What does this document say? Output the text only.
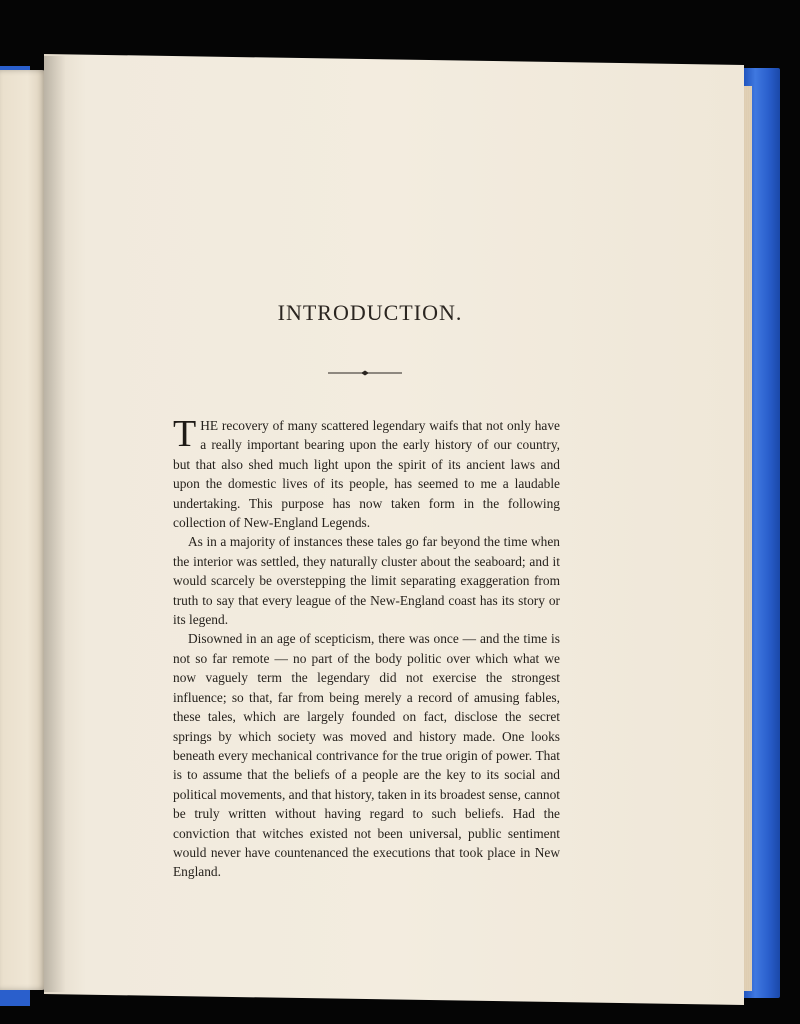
INTRODUCTION.

THE recovery of many scattered legendary waifs that not only have a really important bearing upon the early history of our country, but that also shed much light upon the spirit of its ancient laws and upon the domestic lives of its people, has seemed to me a laudable undertaking. This purpose has now taken form in the following collection of New-England Legends.

As in a majority of instances these tales go far beyond the time when the interior was settled, they naturally cluster about the seaboard; and it would scarcely be overstepping the limit separating exaggeration from truth to say that every league of the New-England coast has its story or its legend.

Disowned in an age of scepticism, there was once — and the time is not so far remote — no part of the body politic over which what we now vaguely term the legendary did not exercise the strongest influence; so that, far from being merely a record of amusing fables, these tales, which are largely founded on fact, disclose the secret springs by which society was moved and history made. One looks beneath every mechanical contrivance for the true origin of power. That is to assume that the beliefs of a people are the key to its social and political movements, and that history, taken in its broadest sense, cannot be truly written without having regard to such beliefs. Had the conviction that witches existed not been universal, public sentiment would never have countenanced the executions that took place in New England.
